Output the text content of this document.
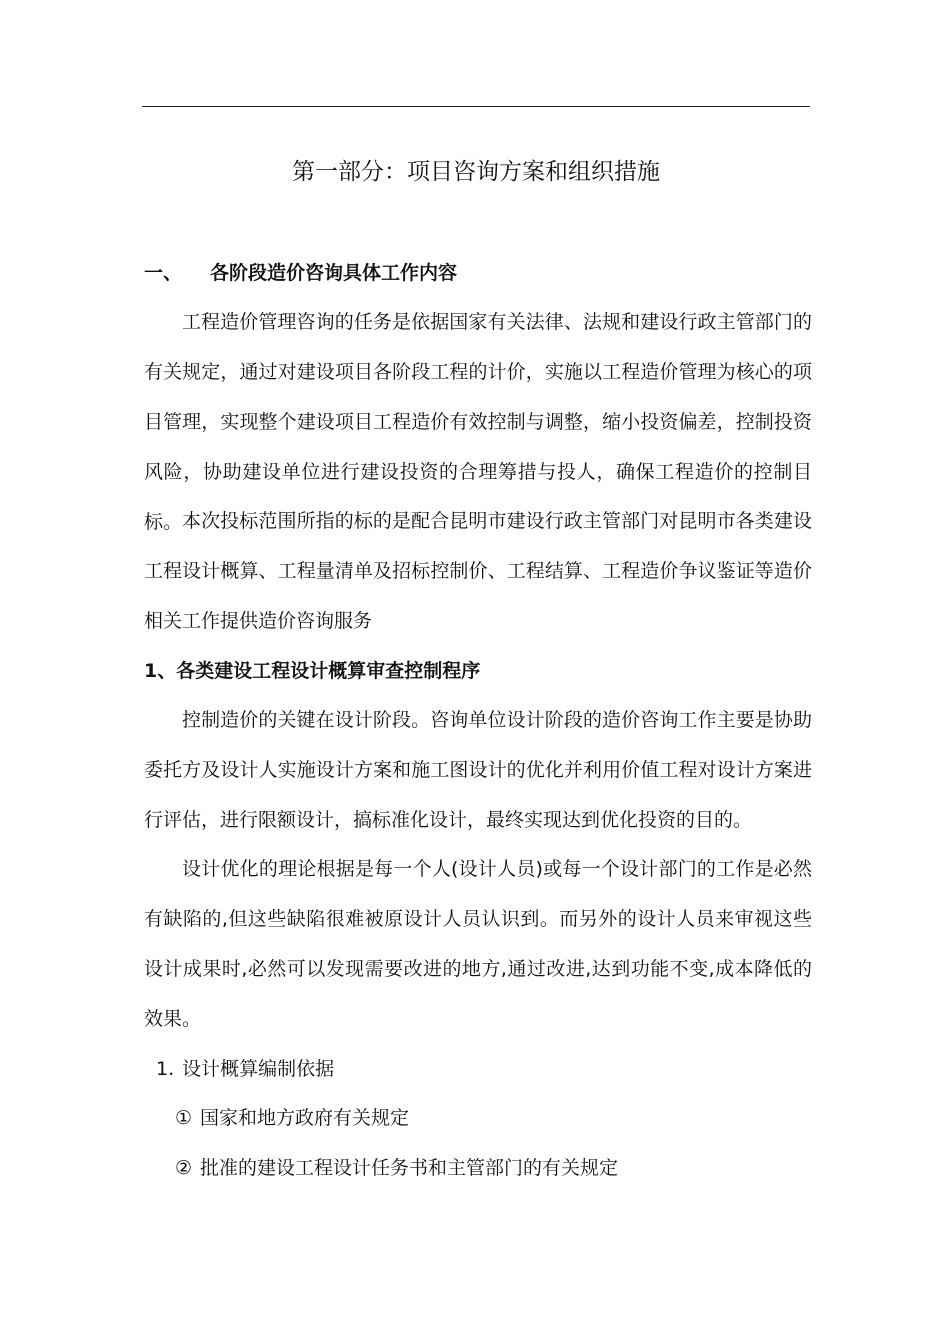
第一部分：项目咨询方案和组织措施
一、 各阶段造价咨询具体工作内容

工程造价管理咨询的任务是依据国家有关法律、法规和建设行政主管部门的有关规定，通过对建设项目各阶段工程的计价，实施以工程造价管理为核心的项目管理，实现整个建设项目工程造价有效控制与调整，缩小投资偏差，控制投资风险，协助建设单位进行建设投资的合理筹措与投人，确保工程造价的控制目标。 本次投标范围所指的标的是配合昆明市建设行政主管部门对昆明市各类建设工程设计概算、工程量清单及招标控制价、工程结算、工程造价争议鉴证等造价相关工作提供造价咨询服务

1、各类建设工程设计概算审查控制程序

控制造价的关键在设计阶段。咨询单位设计阶段的造价咨询工作主要是协助委托方及设计人实施设计方案和施工图设计的优化并利用价值工程对设计方案进行评估，进行限额设计，搞标准化设计，最终实现达到优化投资的目的。

设计优化的理论根据是每一个人(设计人员)或每一个设计部门的工作是必然有缺陷的,但这些缺陷很难被原设计人员认识到。而另外的设计人员来审视这些设计成果时,必然可以发现需要改进的地方,通过改进,达到功能不变,成本降低的效果。

1. 设计概算编制依据
① 国家和地方政府有关规定
② 批准的建设工程设计任务书和主管部门的有关规定
